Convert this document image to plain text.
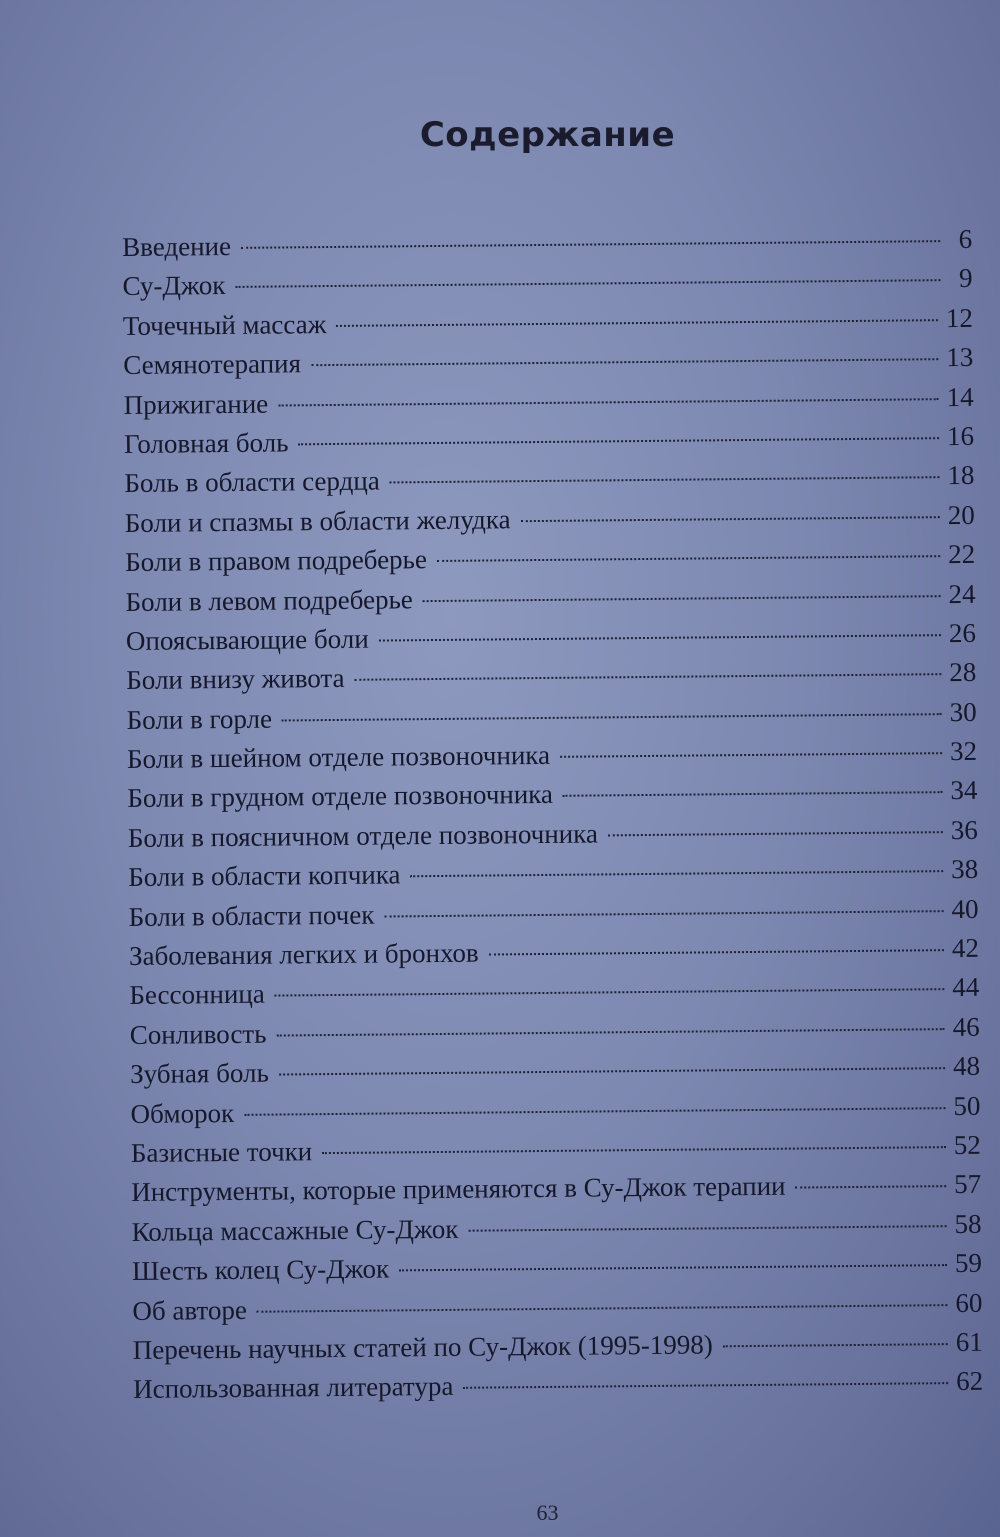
Содержание
Введение	6
Су-Джок	9
Точечный массаж	12
Семянотерапия	13
Прижигание	14
Головная боль	16
Боль в области сердца	18
Боли и спазмы в области желудка	20
Боли в правом подреберье	22
Боли в левом подреберье	24
Опоясывающие боли	26
Боли внизу живота	28
Боли в горле	30
Боли в шейном отделе позвоночника	32
Боли в грудном отделе позвоночника	34
Боли в поясничном отделе позвоночника	36
Боли в области копчика	38
Боли в области почек	40
Заболевания легких и бронхов	42
Бессонница	44
Сонливость	46
Зубная боль	48
Обморок	50
Базисные точки	52
Инструменты, которые применяются в Су-Джок терапии	57
Кольца массажные Су-Джок	58
Шесть колец Су-Джок	59
Об авторе	60
Перечень научных статей по Су-Джок (1995-1998)	61
Использованная литература	62
63
